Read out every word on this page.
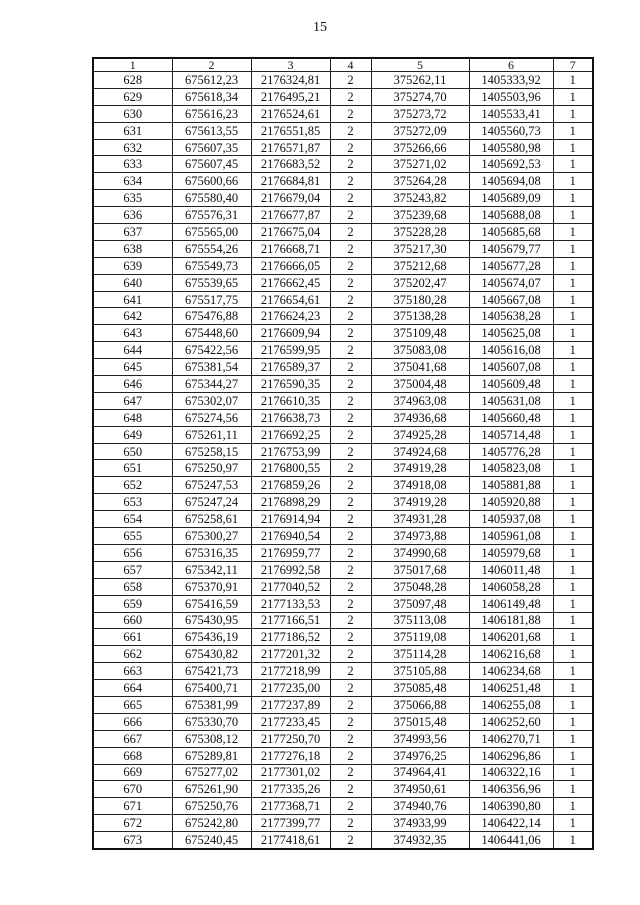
15
1	2	3	4	5	6	7
628	675612,23	2176324,81	2	375262,11	1405333,92	1
629	675618,34	2176495,21	2	375274,70	1405503,96	1
630	675616,23	2176524,61	2	375273,72	1405533,41	1
631	675613,55	2176551,85	2	375272,09	1405560,73	1
632	675607,35	2176571,87	2	375266,66	1405580,98	1
633	675607,45	2176683,52	2	375271,02	1405692,53	1
634	675600,66	2176684,81	2	375264,28	1405694,08	1
635	675580,40	2176679,04	2	375243,82	1405689,09	1
636	675576,31	2176677,87	2	375239,68	1405688,08	1
637	675565,00	2176675,04	2	375228,28	1405685,68	1
638	675554,26	2176668,71	2	375217,30	1405679,77	1
639	675549,73	2176666,05	2	375212,68	1405677,28	1
640	675539,65	2176662,45	2	375202,47	1405674,07	1
641	675517,75	2176654,61	2	375180,28	1405667,08	1
642	675476,88	2176624,23	2	375138,28	1405638,28	1
643	675448,60	2176609,94	2	375109,48	1405625,08	1
644	675422,56	2176599,95	2	375083,08	1405616,08	1
645	675381,54	2176589,37	2	375041,68	1405607,08	1
646	675344,27	2176590,35	2	375004,48	1405609,48	1
647	675302,07	2176610,35	2	374963,08	1405631,08	1
648	675274,56	2176638,73	2	374936,68	1405660,48	1
649	675261,11	2176692,25	2	374925,28	1405714,48	1
650	675258,15	2176753,99	2	374924,68	1405776,28	1
651	675250,97	2176800,55	2	374919,28	1405823,08	1
652	675247,53	2176859,26	2	374918,08	1405881,88	1
653	675247,24	2176898,29	2	374919,28	1405920,88	1
654	675258,61	2176914,94	2	374931,28	1405937,08	1
655	675300,27	2176940,54	2	374973,88	1405961,08	1
656	675316,35	2176959,77	2	374990,68	1405979,68	1
657	675342,11	2176992,58	2	375017,68	1406011,48	1
658	675370,91	2177040,52	2	375048,28	1406058,28	1
659	675416,59	2177133,53	2	375097,48	1406149,48	1
660	675430,95	2177166,51	2	375113,08	1406181,88	1
661	675436,19	2177186,52	2	375119,08	1406201,68	1
662	675430,82	2177201,32	2	375114,28	1406216,68	1
663	675421,73	2177218,99	2	375105,88	1406234,68	1
664	675400,71	2177235,00	2	375085,48	1406251,48	1
665	675381,99	2177237,89	2	375066,88	1406255,08	1
666	675330,70	2177233,45	2	375015,48	1406252,60	1
667	675308,12	2177250,70	2	374993,56	1406270,71	1
668	675289,81	2177276,18	2	374976,25	1406296,86	1
669	675277,02	2177301,02	2	374964,41	1406322,16	1
670	675261,90	2177335,26	2	374950,61	1406356,96	1
671	675250,76	2177368,71	2	374940,76	1406390,80	1
672	675242,80	2177399,77	2	374933,99	1406422,14	1
673	675240,45	2177418,61	2	374932,35	1406441,06	1
